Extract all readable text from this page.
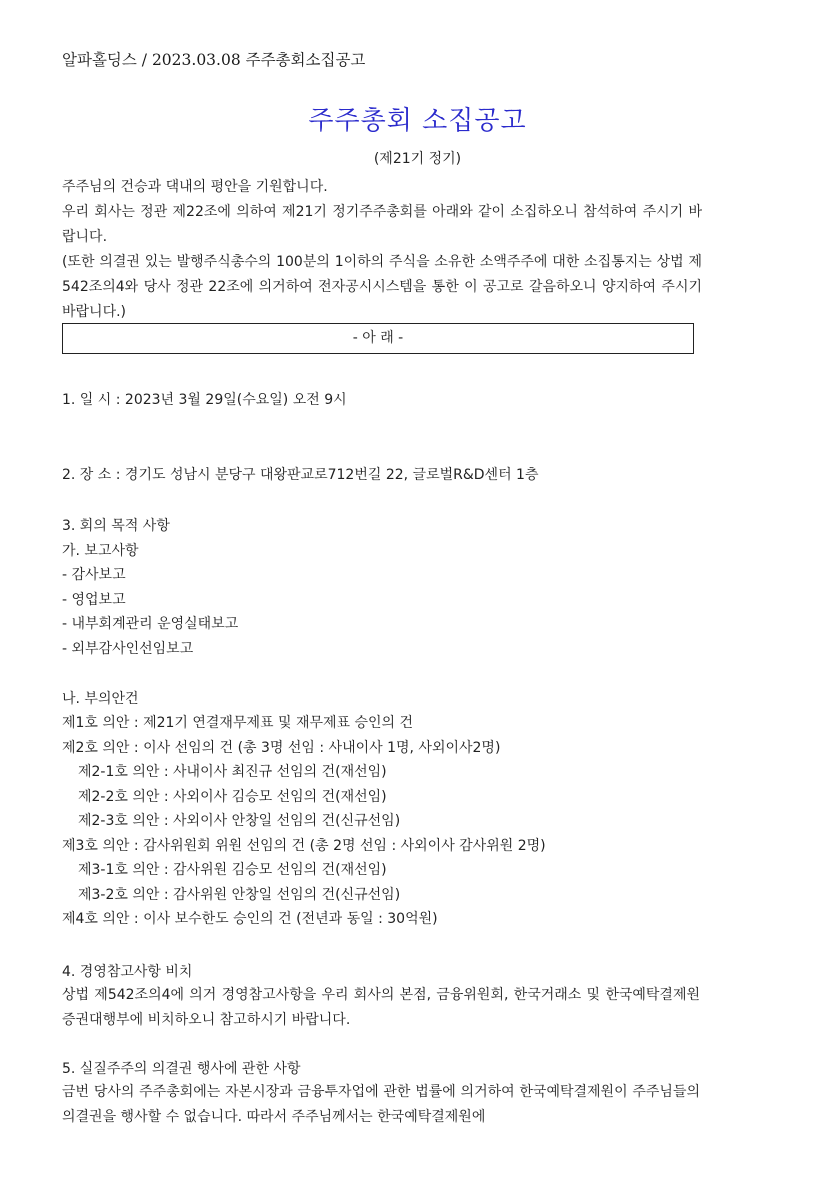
알파홀딩스 / 2023.03.08 주주총회소집공고
주주총회 소집공고
(제21기 정기)

주주님의 건승과 댁내의 평안을 기원합니다.

우리 회사는 정관 제22조에 의하여 제21기 정기주주총회를 아래와 같이 소집하오니 참석하여 주시기 바랍니다.

(또한 의결권 있는 발행주식총수의 100분의 1이하의 주식을 소유한 소액주주에 대한 소집통지는 상법 제542조의4와 당사 정관 22조에 의거하여 전자공시시스템을 통한 이 공고로 갈음하오니 양지하여 주시기 바랍니다.)

- 아 래 -
1. 일 시 : 2023년 3월 29일(수요일) 오전 9시
2. 장 소 : 경기도 성남시 분당구 대왕판교로712번길 22, 글로벌R&D센터 1층
3. 회의 목적 사항
가. 보고사항
- 감사보고
- 영업보고
- 내부회계관리 운영실태보고
- 외부감사인선임보고
나. 부의안건
제1호 의안 : 제21기 연결재무제표 및 재무제표 승인의 건
제2호 의안 : 이사 선임의 건 (총 3명 선임 : 사내이사 1명, 사외이사2명)
제2-1호 의안 : 사내이사 최진규 선임의 건(재선임)
제2-2호 의안 : 사외이사 김승모 선임의 건(재선임)
제2-3호 의안 : 사외이사 안창일 선임의 건(신규선임)
제3호 의안 : 감사위원회 위원 선임의 건 (총 2명 선임 : 사외이사 감사위원 2명)
제3-1호 의안 : 감사위원 김승모 선임의 건(재선임)
제3-2호 의안 : 감사위원 안창일 선임의 건(신규선임)
제4호 의안 : 이사 보수한도 승인의 건 (전년과 동일 : 30억원)
4. 경영참고사항 비치

상법 제542조의4에 의거 경영참고사항을 우리 회사의 본점, 금융위원회, 한국거래소 및 한국예탁결제원 증권대행부에 비치하오니 참고하시기 바랍니다.

5. 실질주주의 의결권 행사에 관한 사항

금번 당사의 주주총회에는 자본시장과 금융투자업에 관한 법률에 의거하여 한국예탁결제원이 주주님들의 의결권을 행사할 수 없습니다. 따라서 주주님께서는 한국예탁결제원에
